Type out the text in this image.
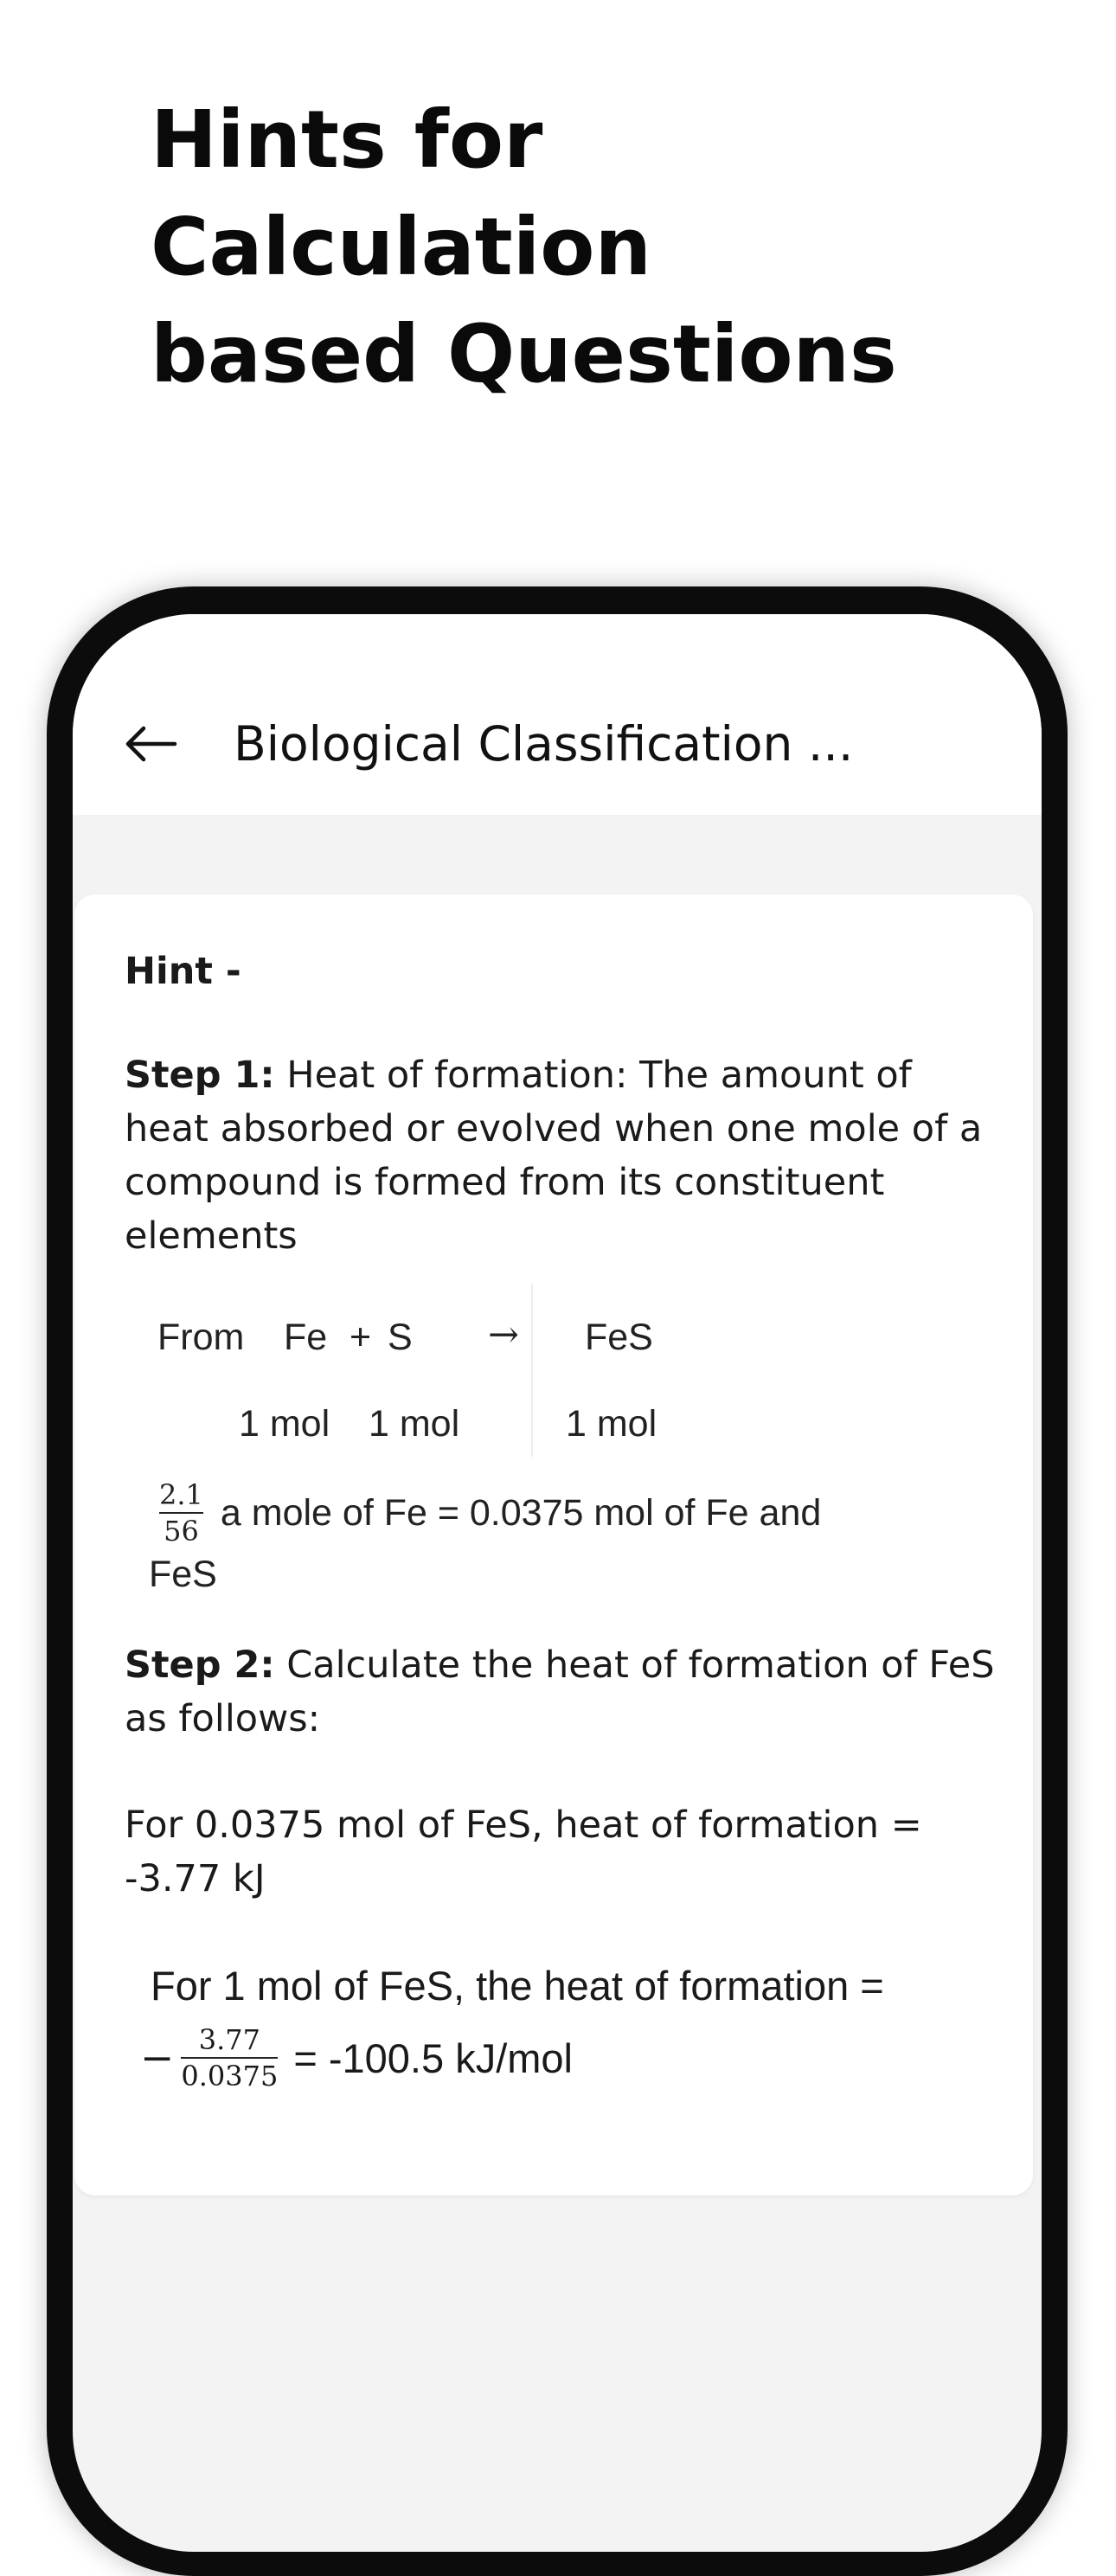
Hints for
Calculation
based Questions
Biological Classification ...
Hint -
Step 1: Heat of formation: The amount of heat absorbed or evolved when one mole of a compound is formed from its constituent elements
From Fe + S → FeS
1 mol 1 mol	1 mol
$\frac{2.1}{56}$ a mole of Fe = 0.0375 mol of Fe and
FeS
Step 2: Calculate the heat of formation of FeS as follows:
For 0.0375 mol of FeS, heat of formation = -3.77 kJ
For 1 mol of FeS, the heat of formation =
− $\frac{3.77}{0.0375} = -100.5$ kJ/mol
